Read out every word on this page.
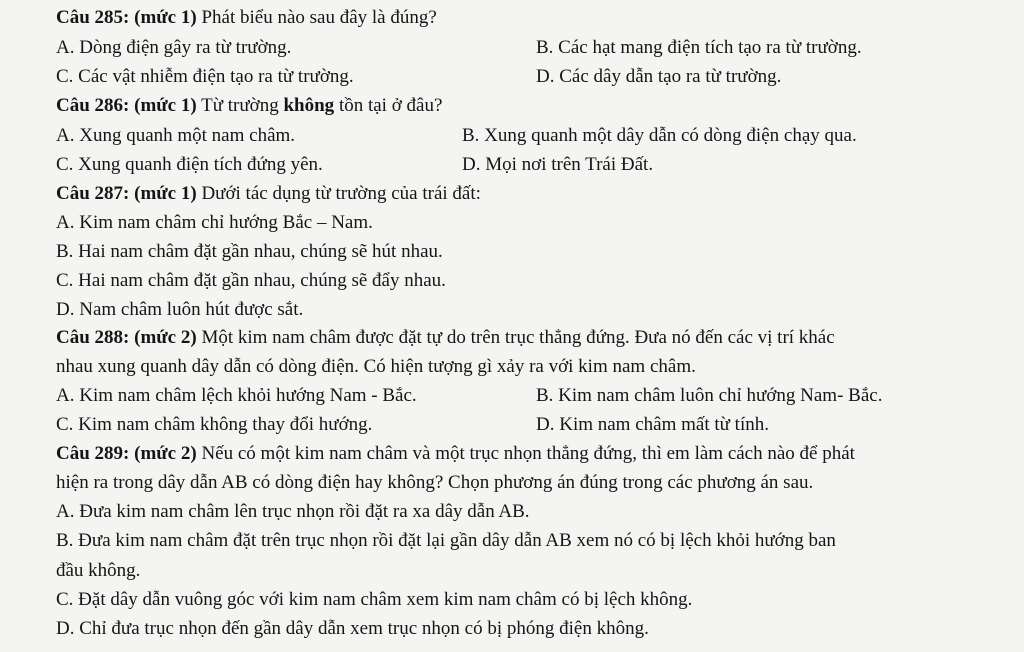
Câu 285: (mức 1) Phát biểu nào sau đây là đúng?
A. Dòng điện gây ra từ trường.	B. Các hạt mang điện tích tạo ra từ trường.
C. Các vật nhiễm điện tạo ra từ trường.	D. Các dây dẫn tạo ra từ trường.
Câu 286: (mức 1) Từ trường không tồn tại ở đâu?
A. Xung quanh một nam châm.	B. Xung quanh một dây dẫn có dòng điện chạy qua.
C. Xung quanh điện tích đứng yên.	D. Mọi nơi trên Trái Đất.
Câu 287: (mức 1) Dưới tác dụng từ trường của trái đất:
A. Kim nam châm chỉ hướng Bắc – Nam.
B. Hai nam châm đặt gần nhau, chúng sẽ hút nhau.
C. Hai nam châm đặt gần nhau, chúng sẽ đẩy nhau.
D. Nam châm luôn hút được sắt.
Câu 288: (mức 2) Một kim nam châm được đặt tự do trên trục thẳng đứng. Đưa nó đến các vị trí khác
nhau xung quanh dây dẫn có dòng điện. Có hiện tượng gì xảy ra với kim nam châm.
A. Kim nam châm lệch khỏi hướng Nam - Bắc.	B. Kim nam châm luôn chỉ hướng Nam- Bắc.
C. Kim nam châm không thay đổi hướng.	D. Kim nam châm mất từ tính.
Câu 289: (mức 2) Nếu có một kim nam châm và một trục nhọn thẳng đứng, thì em làm cách nào để phát
hiện ra trong dây dẫn AB có dòng điện hay không? Chọn phương án đúng trong các phương án sau.
A. Đưa kim nam châm lên trục nhọn rồi đặt ra xa dây dẫn AB.
B. Đưa kim nam châm đặt trên trục nhọn rồi đặt lại gần dây dẫn AB xem nó có bị lệch khỏi hướng ban
đầu không.
C. Đặt dây dẫn vuông góc với kim nam châm xem kim nam châm có bị lệch không.
D. Chỉ đưa trục nhọn đến gần dây dẫn xem trục nhọn có bị phóng điện không.
